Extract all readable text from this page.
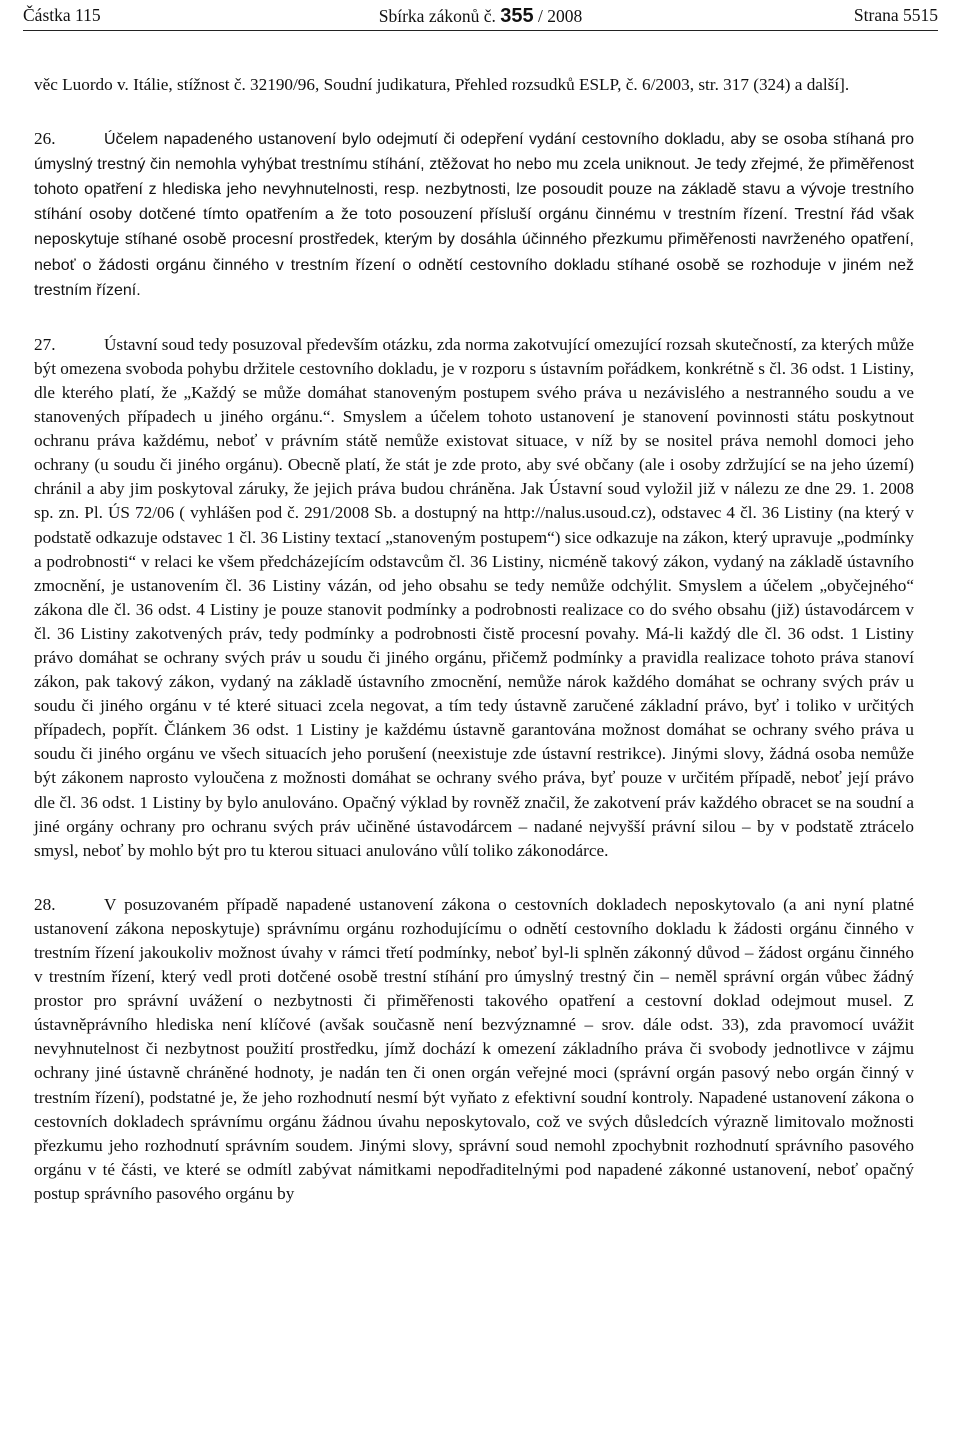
Částka 115	Sbírka zákonů č. 355 / 2008	Strana 5515

věc Luordo v. Itálie, stížnost č. 32190/96, Soudní judikatura, Přehled rozsudků ESLP, č. 6/2003, str. 317 (324) a další].

26.	Účelem napadeného ustanovení bylo odejmutí či odepření vydání cestovního dokladu, aby se osoba stíhaná pro úmyslný trestný čin nemohla vyhýbat trestnímu stíhání, ztěžovat ho nebo mu zcela uniknout. Je tedy zřejmé, že přiměřenost tohoto opatření z hlediska jeho nevyhnutelnosti, resp. nezbytnosti, lze posoudit pouze na základě stavu a vývoje trestního stíhání osoby dotčené tímto opatřením a že toto posouzení přísluší orgánu činnému v trestním řízení. Trestní řád však neposkytuje stíhané osobě procesní prostředek, kterým by dosáhla účinného přezkumu přiměřenosti navrženého opatření, neboť o žádosti orgánu činného v trestním řízení o odnětí cestovního dokladu stíhané osobě se rozhoduje v jiném než trestním řízení.

27.	Ústavní soud tedy posuzoval především otázku, zda norma zakotvující omezující rozsah skutečností, za kterých může být omezena svoboda pohybu držitele cestovního dokladu, je v rozporu s ústavním pořádkem, konkrétně s čl. 36 odst. 1 Listiny, dle kterého platí, že „Každý se může domáhat stanoveným postupem svého práva u nezávislého a nestranného soudu a ve stanovených případech u jiného orgánu.“. Smyslem a účelem tohoto ustanovení je stanovení povinnosti státu poskytnout ochranu práva každému, neboť v právním státě nemůže existovat situace, v níž by se nositel práva nemohl domoci jeho ochrany (u soudu či jiného orgánu). Obecně platí, že stát je zde proto, aby své občany (ale i osoby zdržující se na jeho území) chránil a aby jim poskytoval záruky, že jejich práva budou chráněna. Jak Ústavní soud vyložil již v nálezu ze dne 29. 1. 2008 sp. zn. Pl. ÚS 72/06 ( vyhlášen pod č. 291/2008 Sb. a dostupný na http://nalus.usoud.cz), odstavec 4 čl. 36 Listiny (na který v podstatě odkazuje odstavec 1 čl. 36 Listiny textací „stanoveným postupem“) sice odkazuje na zákon, který upravuje „podmínky a podrobnosti“ v relaci ke všem předcházejícím odstavcům čl. 36 Listiny, nicméně takový zákon, vydaný na základě ústavního zmocnění, je ustanovením čl. 36 Listiny vázán, od jeho obsahu se tedy nemůže odchýlit. Smyslem a účelem „obyčejného“ zákona dle čl. 36 odst. 4 Listiny je pouze stanovit podmínky a podrobnosti realizace co do svého obsahu (již) ústavodárcem v čl. 36 Listiny zakotvených práv, tedy podmínky a podrobnosti čistě procesní povahy. Má-li každý dle čl. 36 odst. 1 Listiny právo domáhat se ochrany svých práv u soudu či jiného orgánu, přičemž podmínky a pravidla realizace tohoto práva stanoví zákon, pak takový zákon, vydaný na základě ústavního zmocnění, nemůže nárok každého domáhat se ochrany svých práv u soudu či jiného orgánu v té které situaci zcela negovat, a tím tedy ústavně zaručené základní právo, byť i toliko v určitých případech, popřít. Článkem 36 odst. 1 Listiny je každému ústavně garantována možnost domáhat se ochrany svého práva u soudu či jiného orgánu ve všech situacích jeho porušení (neexistuje zde ústavní restrikce). Jinými slovy, žádná osoba nemůže být zákonem naprosto vyloučena z možnosti domáhat se ochrany svého práva, byť pouze v určitém případě, neboť její právo dle čl. 36 odst. 1 Listiny by bylo anulováno. Opačný výklad by rovněž značil, že zakotvení práv každého obracet se na soudní a jiné orgány ochrany pro ochranu svých práv učiněné ústavodárcem – nadané nejvyšší právní silou – by v podstatě ztrácelo smysl, neboť by mohlo být pro tu kterou situaci anulováno vůlí toliko zákonodárce.

28.	V posuzovaném případě napadené ustanovení zákona o cestovních dokladech neposkytovalo (a ani nyní platné ustanovení zákona neposkytuje) správnímu orgánu rozhodujícímu o odnětí cestovního dokladu k žádosti orgánu činného v trestním řízení jakoukoliv možnost úvahy v rámci třetí podmínky, neboť byl-li splněn zákonný důvod – žádost orgánu činného v trestním řízení, který vedl proti dotčené osobě trestní stíhání pro úmyslný trestný čin – neměl správní orgán vůbec žádný prostor pro správní uvážení o nezbytnosti či přiměřenosti takového opatření a cestovní doklad odejmout musel. Z ústavněprávního hlediska není klíčové (avšak současně není bezvýznamné – srov. dále odst. 33), zda pravomocí uvážit nevyhnutelnost či nezbytnost použití prostředku, jímž dochází k omezení základního práva či svobody jednotlivce v zájmu ochrany jiné ústavně chráněné hodnoty, je nadán ten či onen orgán veřejné moci (správní orgán pasový nebo orgán činný v trestním řízení), podstatné je, že jeho rozhodnutí nesmí být vyňato z efektivní soudní kontroly. Napadené ustanovení zákona o cestovních dokladech správnímu orgánu žádnou úvahu neposkytovalo, což ve svých důsledcích výrazně limitovalo možnosti přezkumu jeho rozhodnutí správním soudem. Jinými slovy, správní soud nemohl zpochybnit rozhodnutí správního pasového orgánu v té části, ve které se odmítl zabývat námitkami nepodřaditelnými pod napadené zákonné ustanovení, neboť opačný postup správního pasového orgánu by
